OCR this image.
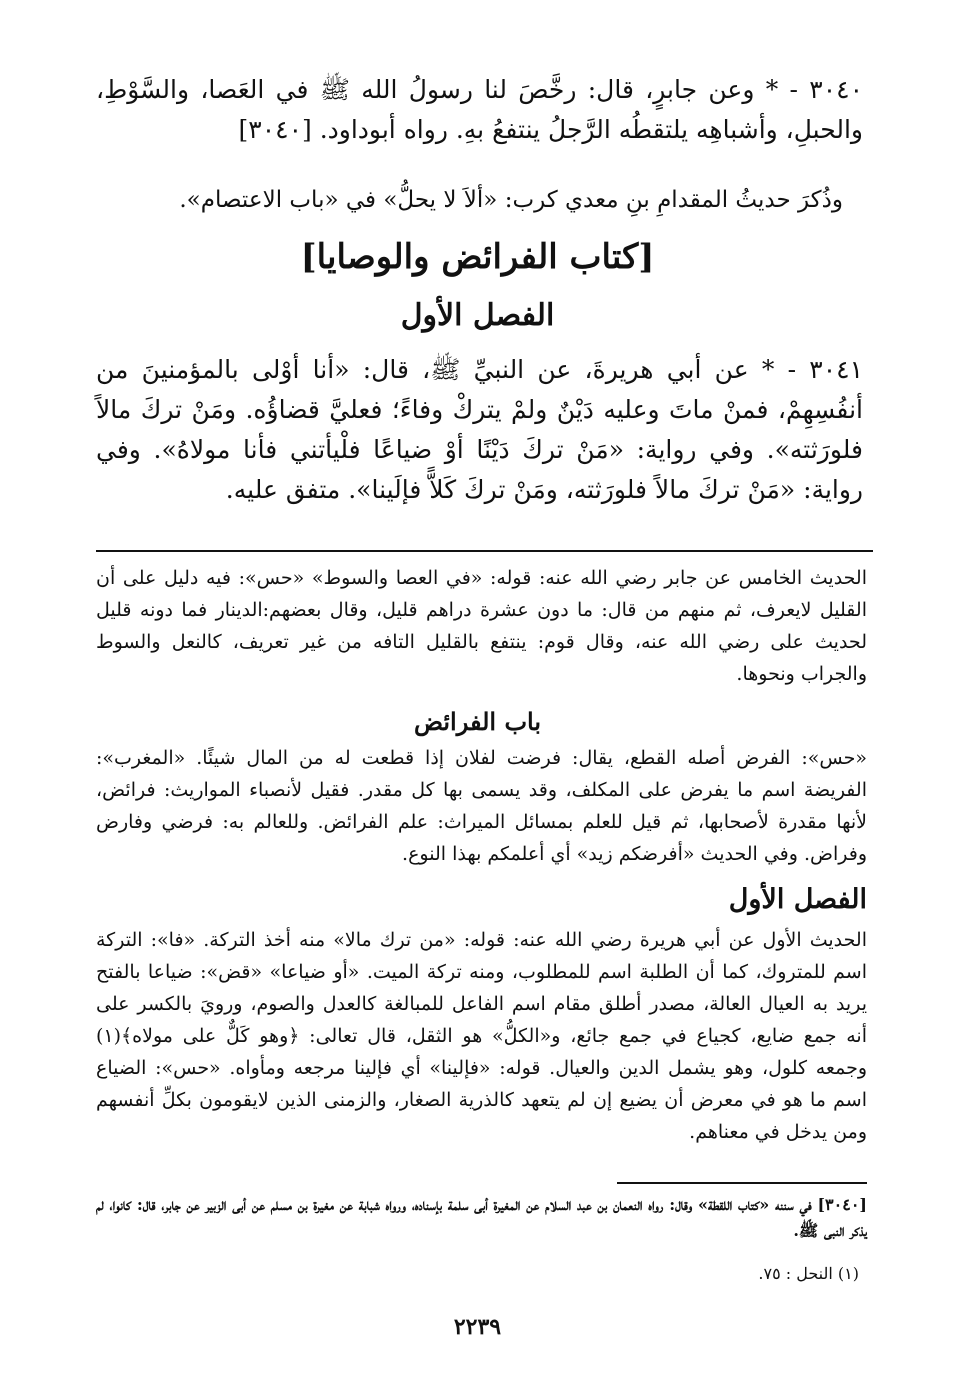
٣٠٤٠ - * وعن جابرٍ، قال: رخَّصَ لنا رسولُ الله ﷺ في العَصا، والسَّوْطِ، والحبلِ، وأشباهِه يلتقطُه الرَّجلُ ينتفعُ بهِ. رواه أبوداود. [٣٠٤٠]

وذُكرَ حديثُ المقدامِ بنِ معدي كرب: «ألاَ لا يحلُّ» في «باب الاعتصام».

[كتاب الفرائض والوصايا]
الفصل الأول

٣٠٤١ - * عن أبي هريرةَ، عن النبيِّ ﷺ، قال: «أنا أوْلى بالمؤمنينَ من أنفُسِهِمْ، فمنْ ماتَ وعليه دَيْنٌ ولمْ يتركْ وفاءً؛ فعليَّ قضاؤُه. ومَنْ تركَ مالاً فلورَثته». وفي رواية: «مَنْ تركَ دَيْنًا أوْ ضياعًا فلْيأتني فأنا مولاهُ». وفي رواية: «مَنْ تركَ مالاً فلورَثته، ومَنْ تركَ كَلاًّ فإلَينا». متفق عليه.

الحديث الخامس عن جابر رضي الله عنه: قوله: «في العصا والسوط» «حس»: فيه دليل على أن القليل لايعرف، ثم منهم من قال: ما دون عشرة دراهم قليل، وقال بعضهم:الدينار فما دونه قليل لحديث على رضي الله عنه، وقال قوم: ينتفع بالقليل التافه من غير تعريف، كالنعل والسوط والجراب ونحوها.

باب الفرائض

«حس»: الفرض أصله القطع، يقال: فرضت لفلان إذا قطعت له من المال شيئًا. «المغرب»: الفريضة اسم ما يفرض على المكلف، وقد يسمى بها كل مقدر. فقيل لأنصباء المواريث: فرائض، لأنها مقدرة لأصحابها، ثم قيل للعلم بمسائل الميراث: علم الفرائض. وللعالم به: فرضي وفارض وفراض. وفي الحديث «أفرضكم زيد» أي أعلمكم بهذا النوع.

الفصل الأول

الحديث الأول عن أبي هريرة رضي الله عنه: قوله: «من ترك مالا» منه أخذ التركة. «فا»: التركة اسم للمتروك، كما أن الطلبة اسم للمطلوب، ومنه تركة الميت. «أو ضياعا» «قض»: ضياعا بالفتح يريد به العيال العالة، مصدر أطلق مقام اسم الفاعل للمبالغة كالعدل والصوم، ورويَ بالكسر على أنه جمع ضايع، كجياع في جمع جائع، و«الكلُّ» هو الثقل، قال تعالى: ﴿وهو كَلٌّ على مولاه﴾(١) وجمعه كلول، وهو يشمل الدين والعيال. قوله: «فإلينا» أي فإلينا مرجعه ومأواه. «حس»: الضياع اسم ما هو في معرض أن يضيع إن لم يتعهد كالذرية الصغار، والزمنى الذين لايقومون بكلِّ أنفسهم ومن يدخل في معناهم.

[٣٠٤٠] في سننه «كتاب اللقطة» وقال: رواه النعمان بن عبد السلام عن المغيرة أبى سلمة بإسناده، ورواه شبابة عن مغيرة بن مسلم عن أبى الزبير عن جابر، قال: كانوا، لم يذكر النبى ﷺ.

(١) النحل : ٧٥.

٢٢٣٩
